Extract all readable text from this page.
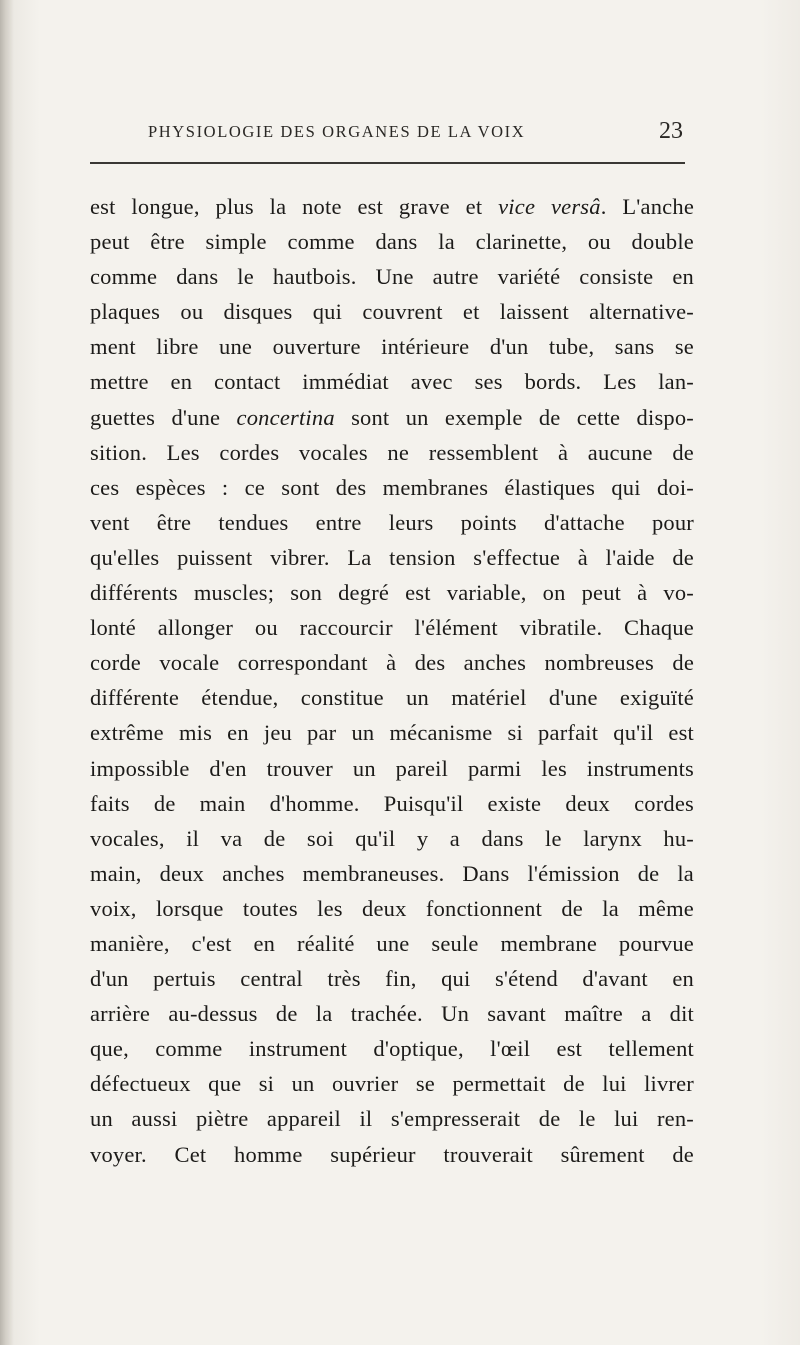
PHYSIOLOGIE DES ORGANES DE LA VOIX	23
est longue, plus la note est grave et vice versâ. L'anche
peut être simple comme dans la clarinette, ou double
comme dans le hautbois. Une autre variété consiste en
plaques ou disques qui couvrent et laissent alternative-
ment libre une ouverture intérieure d'un tube, sans se
mettre en contact immédiat avec ses bords. Les lan-
guettes d'une concertina sont un exemple de cette dispo-
sition. Les cordes vocales ne ressemblent à aucune de
ces espèces : ce sont des membranes élastiques qui doi-
vent être tendues entre leurs points d'attache pour
qu'elles puissent vibrer. La tension s'effectue à l'aide de
différents muscles; son degré est variable, on peut à vo-
lonté allonger ou raccourcir l'élément vibratile. Chaque
corde vocale correspondant à des anches nombreuses de
différente étendue, constitue un matériel d'une exiguïté
extrême mis en jeu par un mécanisme si parfait qu'il est
impossible d'en trouver un pareil parmi les instruments
faits de main d'homme. Puisqu'il existe deux cordes
vocales, il va de soi qu'il y a dans le larynx hu-
main, deux anches membraneuses. Dans l'émission de la
voix, lorsque toutes les deux fonctionnent de la même
manière, c'est en réalité une seule membrane pourvue
d'un pertuis central très fin, qui s'étend d'avant en
arrière au-dessus de la trachée. Un savant maître a dit
que, comme instrument d'optique, l'œil est tellement
défectueux que si un ouvrier se permettait de lui livrer
un aussi piètre appareil il s'empresserait de le lui ren-
voyer. Cet homme supérieur trouverait sûrement de
